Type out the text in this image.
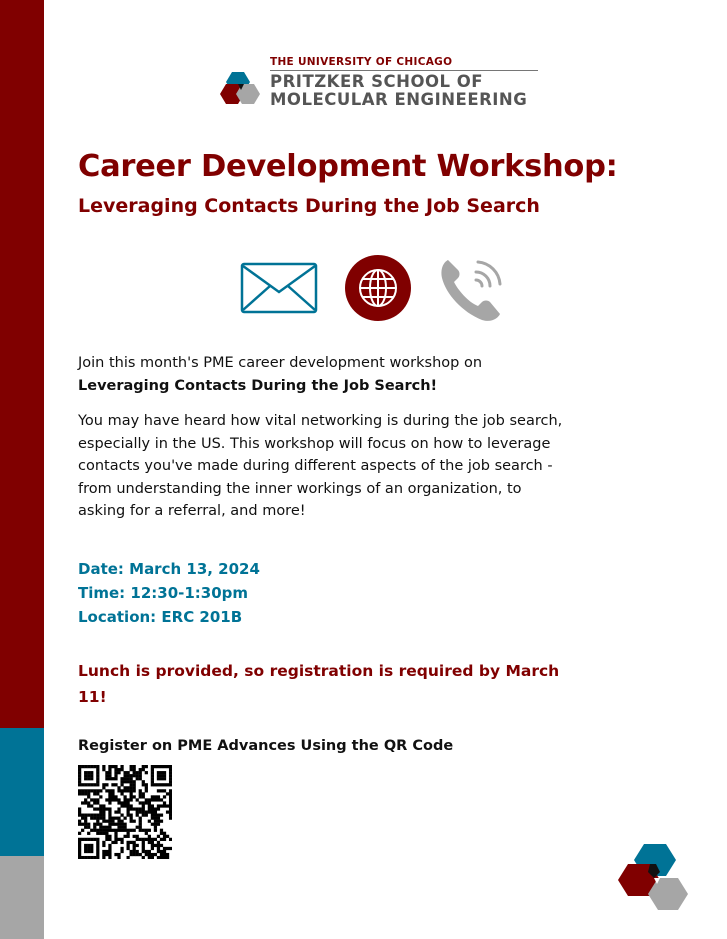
THE UNIVERSITY OF CHICAGO
PRITZKER SCHOOL OF
MOLECULAR ENGINEERING
Career Development Workshop:
Leveraging Contacts During the Job Search
Join this month's PME career development workshop on
Leveraging Contacts During the Job Search!
You may have heard how vital networking is during the job search,
especially in the US. This workshop will focus on how to leverage
contacts you've made during different aspects of the job search -
from understanding the inner workings of an organization, to
asking for a referral, and more!
Date: March 13, 2024
Time: 12:30-1:30pm
Location: ERC 201B
Lunch is provided, so registration is required by March 11!
Register on PME Advances Using the QR Code
